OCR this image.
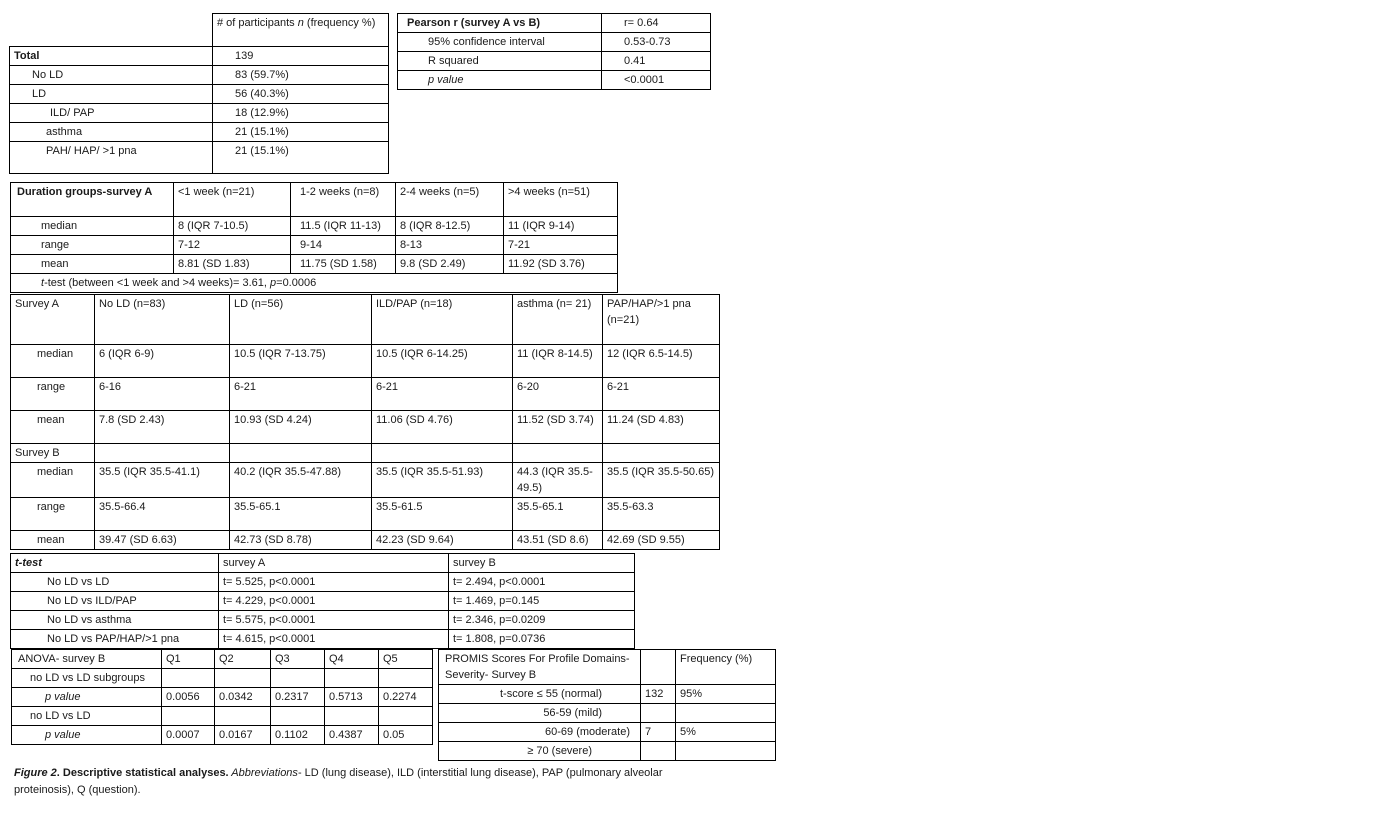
	# of participants n (frequency %)
Total	139
No LD	83 (59.7%)
LD	56 (40.3%)
ILD/ PAP	18 (12.9%)
asthma	21 (15.1%)
PAH/ HAP/ >1 pna	21 (15.1%)
Pearson r (survey A vs B)	r= 0.64
95% confidence interval	0.53-0.73
R squared	0.41
p value	<0.0001
Duration groups-survey A	<1 week (n=21)	1-2 weeks (n=8)	2-4 weeks (n=5)	>4 weeks (n=51)
median	8 (IQR 7-10.5)	11.5 (IQR 11-13)	8 (IQR 8-12.5)	11 (IQR 9-14)
range	7-12	9-14	8-13	7-21
mean	8.81 (SD 1.83)	11.75 (SD 1.58)	9.8 (SD 2.49)	11.92 (SD 3.76)
t-test (between <1 week and >4 weeks)= 3.61, p=0.0006				
Survey A	No LD (n=83)	LD (n=56)	ILD/PAP (n=18)	asthma (n= 21)	PAP/HAP/>1 pna (n=21)
median	6 (IQR 6-9)	10.5 (IQR 7-13.75)	10.5 (IQR 6-14.25)	11 (IQR 8-14.5)	12 (IQR 6.5-14.5)
range	6-16	6-21	6-21	6-20	6-21
mean	7.8 (SD 2.43)	10.93 (SD 4.24)	11.06 (SD 4.76)	11.52 (SD 3.74)	11.24 (SD 4.83)
Survey B					
median	35.5 (IQR 35.5-41.1)	40.2 (IQR 35.5-47.88)	35.5 (IQR 35.5-51.93)	44.3 (IQR 35.5-49.5)	35.5 (IQR 35.5-50.65)
range	35.5-66.4	35.5-65.1	35.5-61.5	35.5-65.1	35.5-63.3
mean	39.47 (SD 6.63)	42.73 (SD 8.78)	42.23 (SD 9.64)	43.51 (SD 8.6)	42.69 (SD 9.55)
t-test	survey A	survey B
No LD vs LD	t= 5.525, p<0.0001	t= 2.494, p<0.0001
No LD vs ILD/PAP	t= 4.229, p<0.0001	t= 1.469, p=0.145
No LD vs asthma	t= 5.575, p<0.0001	t= 2.346, p=0.0209
No LD vs PAP/HAP/>1 pna	t= 4.615, p<0.0001	t= 1.808, p=0.0736
ANOVA- survey B	Q1	Q2	Q3	Q4	Q5
no LD vs LD subgroups					
p value	0.0056	0.0342	0.2317	0.5713	0.2274
no LD vs LD					
p value	0.0007	0.0167	0.1102	0.4387	0.05
PROMIS Scores For Profile Domains- Severity- Survey B		Frequency (%)
t-score ≤ 55 (normal)	132	95%
56-59 (mild)		
60-69 (moderate)	7	5%
≥ 70 (severe)		
Figure 2. Descriptive statistical analyses. Abbreviations- LD (lung disease), ILD (interstitial lung disease), PAP (pulmonary alveolar proteinosis), Q (question).
